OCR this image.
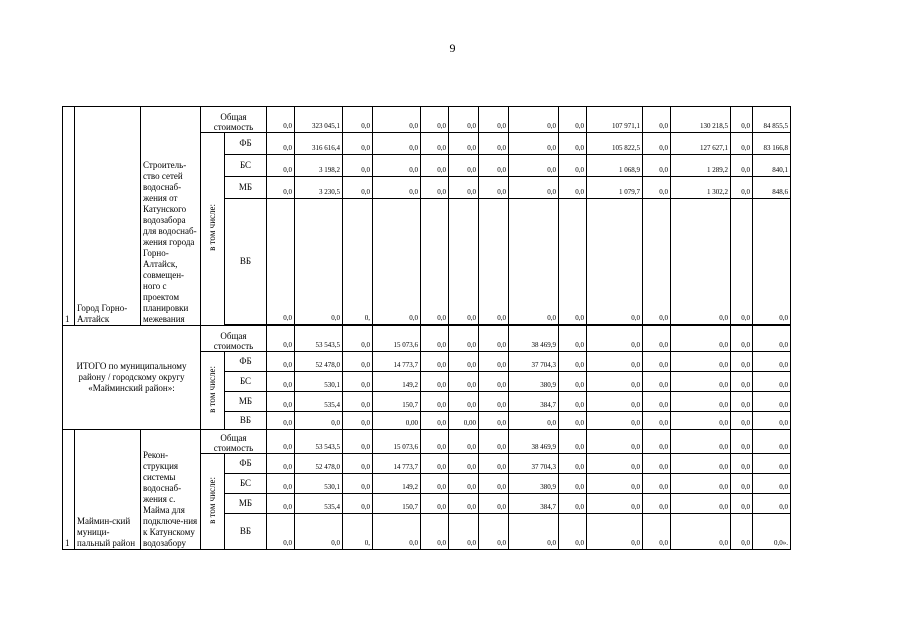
9
1	Город Горно-Алтайск	Строитель-ство сетей водоснаб-жения от Катунского водозабора для водоснаб-жения города Горно-Алтайск, совмещен-ного с проектом планировки межевания	Общая стоимость		0,0	323 045,1	0,0	0,0	0,0	0,0	0,0	0,0	0,0	107 971,1	0,0	130 218,5	0,0	84 855,5	
			в том числе:	ФБ	0,0	316 616,4	0,0	0,0	0,0	0,0	0,0	0,0	0,0	105 822,5	0,0	127 627,1	0,0	83 166,8	
				БС	0,0	3 198,2	0,0	0,0	0,0	0,0	0,0	0,0	0,0	1 068,9	0,0	1 289,2	0,0	840,1	
				МБ	0,0	3 230,5	0,0	0,0	0,0	0,0	0,0	0,0	0,0	1 079,7	0,0	1 302,2	0,0	848,6	
				ВБ	0,0	0,0	0,	0,0	0,0	0,0	0,0	0,0	0,0	0,0	0,0	0,0	0,0	0,0	

ИТОГО по муниципальному району / городскому округу «Майминский район»:			Общая стоимость		0,0	53 543,5	0,0	15 073,6	0,0	0,0	0,0	38 469,9	0,0	0,0	0,0	0,0	0,0	0,0	
			в том числе:	ФБ	0,0	52 478,0	0,0	14 773,7	0,0	0,0	0,0	37 704,3	0,0	0,0	0,0	0,0	0,0	0,0	
				БС	0,0	530,1	0,0	149,2	0,0	0,0	0,0	380,9	0,0	0,0	0,0	0,0	0,0	0,0	
				МБ	0,0	535,4	0,0	150,7	0,0	0,0	0,0	384,7	0,0	0,0	0,0	0,0	0,0	0,0	
				ВБ	0,0	0,0	0,0	0,00	0,0	0,00	0,0	0,0	0,0	0,0	0,0	0,0	0,0	0,0	
1	Маймин-ский муници-пальный район	Рекон-струкция системы водоснаб-жения с. Майма для подключе-ния к Катунскому водозабору	Общая стоимость		0,0	53 543,5	0,0	15 073,6	0,0	0,0	0,0	38 469,9	0,0	0,0	0,0	0,0	0,0	0,0	
			в том числе:	ФБ	0,0	52 478,0	0,0	14 773,7	0,0	0,0	0,0	37 704,3	0,0	0,0	0,0	0,0	0,0	0,0	
				БС	0,0	530,1	0,0	149,2	0,0	0,0	0,0	380,9	0,0	0,0	0,0	0,0	0,0	0,0	
				МБ	0,0	535,4	0,0	150,7	0,0	0,0	0,0	384,7	0,0	0,0	0,0	0,0	0,0	0,0	
				ВБ	0,0	0,0	0,	0,0	0,0	0,0	0,0	0,0	0,0	0,0	0,0	0,0	0,0	0,0».	
